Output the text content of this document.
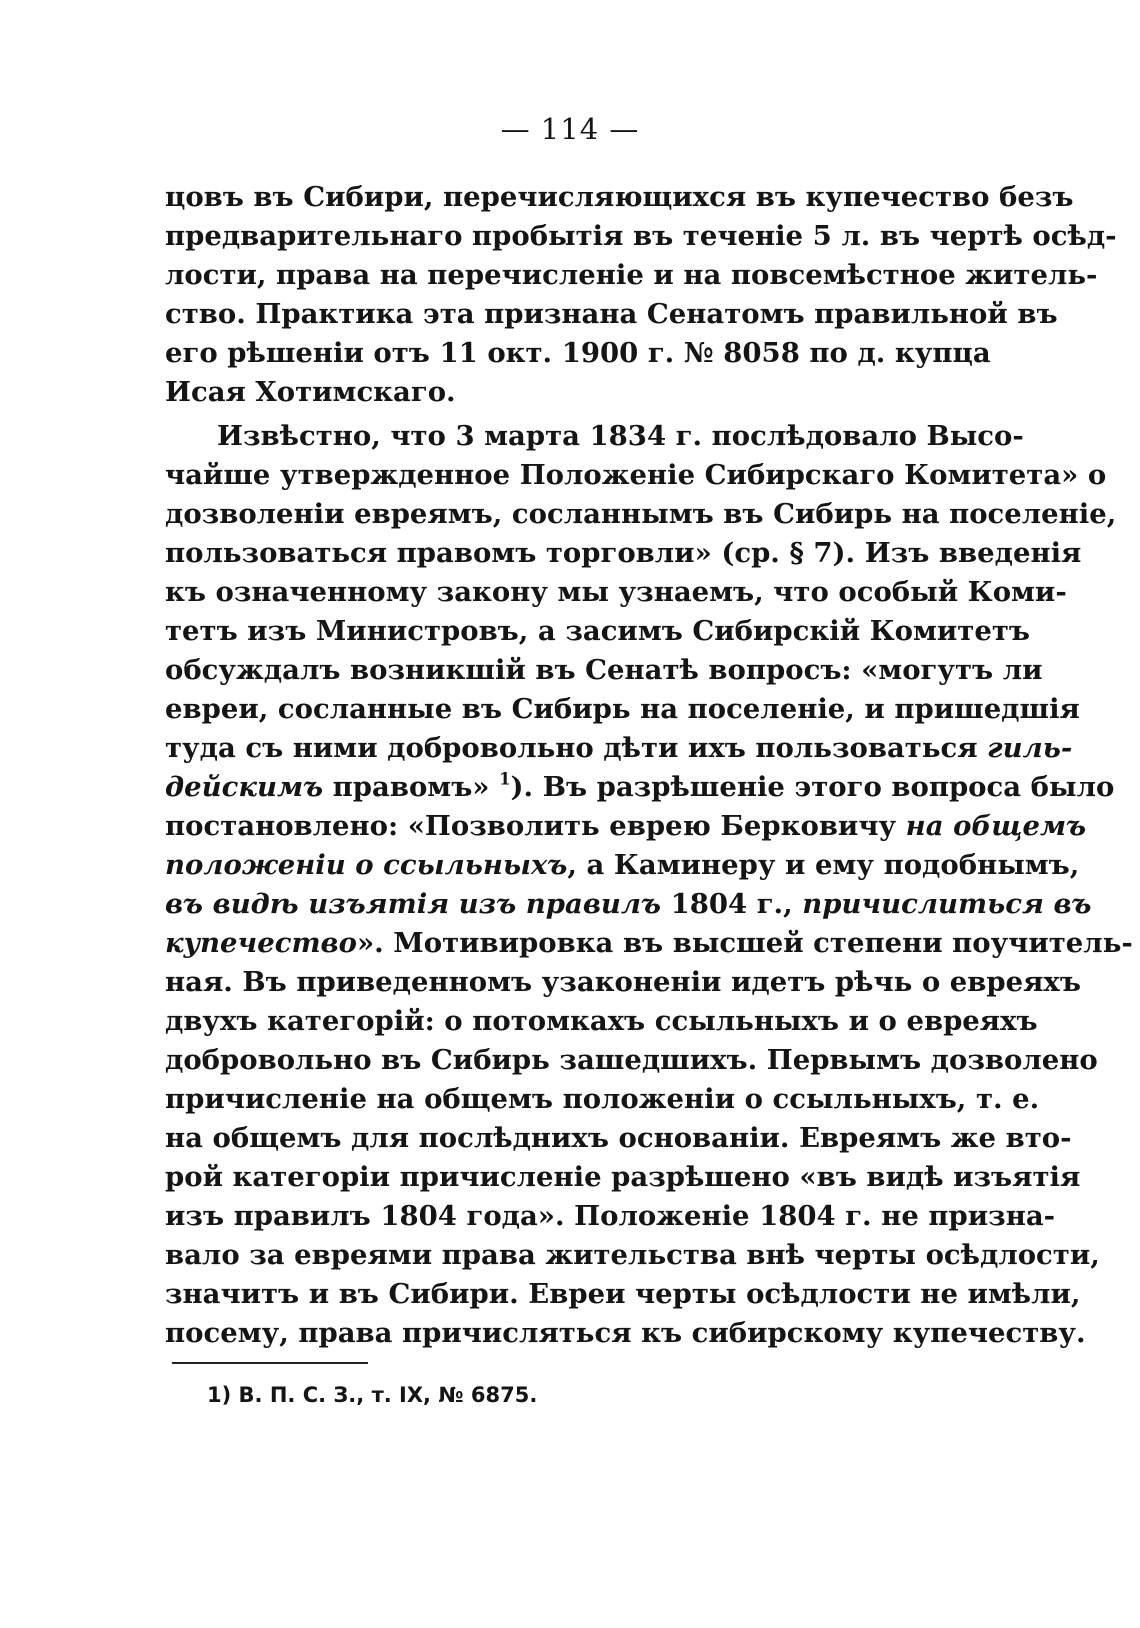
— 114 —
цовъ въ Сибири, перечисляющихся въ купечество безъ
предварительнаго пробытія въ теченіе 5 л. въ чертѣ осѣд-
лости, права на перечисленіе и на повсемѣстное житель-
ство. Практика эта признана Сенатомъ правильной въ
его рѣшеніи отъ 11 окт. 1900 г. № 8058 по д. купца
Исая Хотимскаго.
Извѣстно, что 3 марта 1834 г. послѣдовало Высо-
чайше утвержденное Положеніе Сибирскаго Комитета» о
дозволеніи евреямъ, сосланнымъ въ Сибирь на поселеніе,
пользоваться правомъ торговли» (ср. § 7). Изъ введенія
къ означенному закону мы узнаемъ, что особый Коми-
тетъ изъ Министровъ, а засимъ Сибирскій Комитетъ
обсуждалъ возникшій въ Сенатѣ вопросъ: «могутъ ли
евреи, сосланные въ Сибирь на поселеніе, и пришедшія
туда съ ними добровольно дѣти ихъ пользоваться гиль-
дейскимъ правомъ» $^1$). Въ разрѣшеніе этого вопроса было
постановлено: «Позволить еврею Берковичу на общемъ
положеніи о ссыльныхъ, а Каминеру и ему подобнымъ,
въ видѣ изъятія изъ правилъ 1804 г., причислиться въ
купечество». Мотивировка въ высшей степени поучитель-
ная. Въ приведенномъ узаконеніи идетъ рѣчь о евреяхъ
двухъ категорій: о потомкахъ ссыльныхъ и о евреяхъ
добровольно въ Сибирь зашедшихъ. Первымъ дозволено
причисленіе на общемъ положеніи о ссыльныхъ, т. е.
на общемъ для послѣднихъ основаніи. Евреямъ же вто-
рой категоріи причисленіе разрѣшено «въ видѣ изъятія
изъ правилъ 1804 года». Положеніе 1804 г. не призна-
вало за евреями права жительства внѣ черты осѣдлости,
значитъ и въ Сибири. Евреи черты осѣдлости не имѣли,
посему, права причисляться къ сибирскому купечеству.
1) В. П. С. З., т. IX, № 6875.
